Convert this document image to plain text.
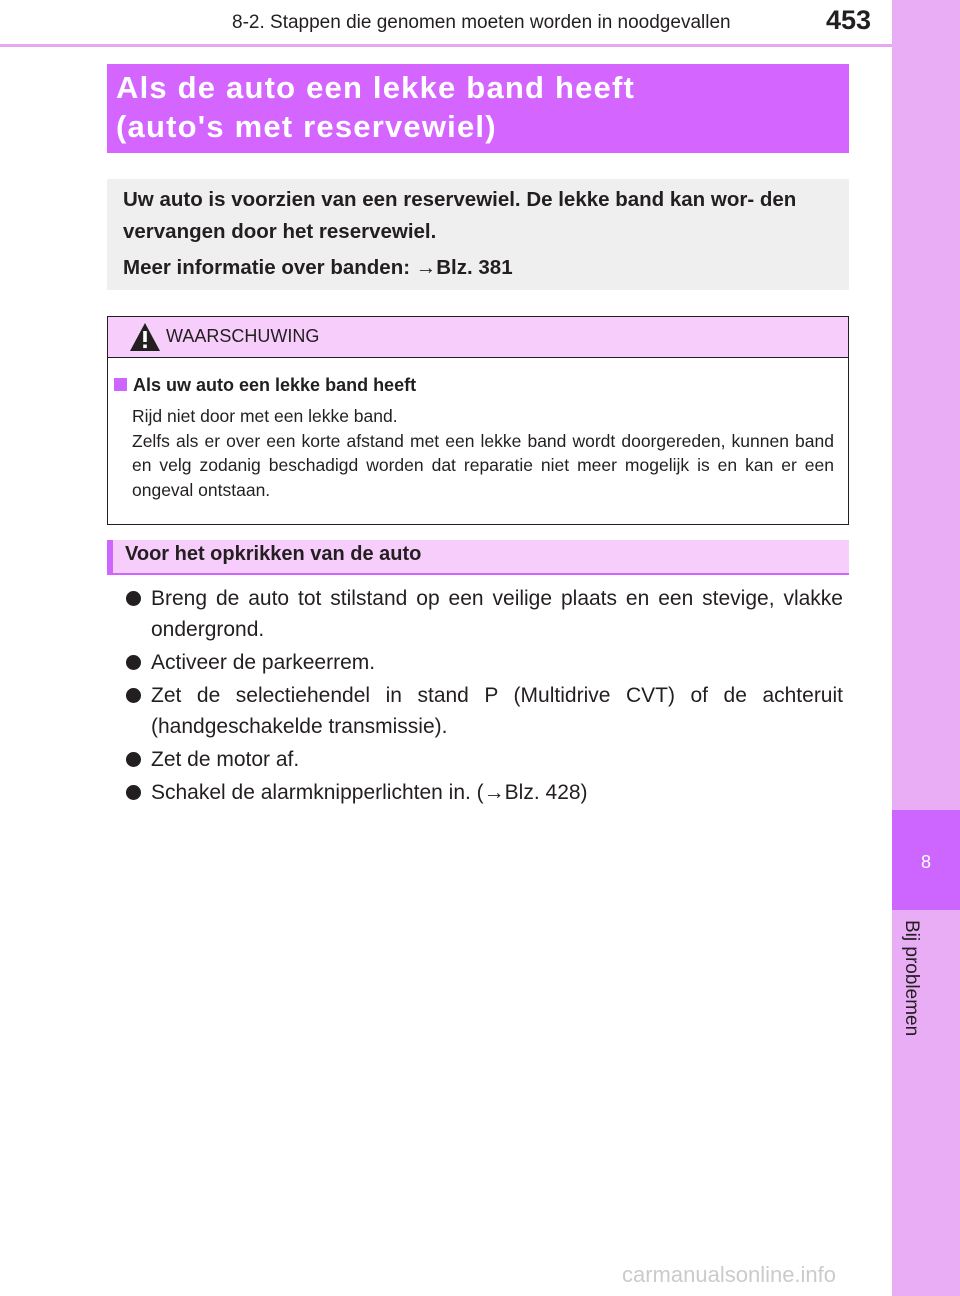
8-2. Stappen die genomen moeten worden in noodgevallen	453
8
Bij problemen
Als de auto een lekke band heeft
(auto's met reservewiel)
Uw auto is voorzien van een reservewiel. De lekke band kan wor- den vervangen door het reservewiel.
Meer informatie over banden: →Blz. 381
WAARSCHUWING
Als uw auto een lekke band heeft
Rijd niet door met een lekke band.
Zelfs als er over een korte afstand met een lekke band wordt doorgereden, kunnen band en velg zodanig beschadigd worden dat reparatie niet meer mogelijk is en kan er een ongeval ontstaan.
Voor het opkrikken van de auto
Breng de auto tot stilstand op een veilige plaats en een stevige, vlakke ondergrond.
Activeer de parkeerrem.
Zet de selectiehendel in stand P (Multidrive CVT) of de achteruit (handgeschakelde transmissie).
Zet de motor af.
Schakel de alarmknipperlichten in. (→Blz. 428)
carmanualsonline.info
